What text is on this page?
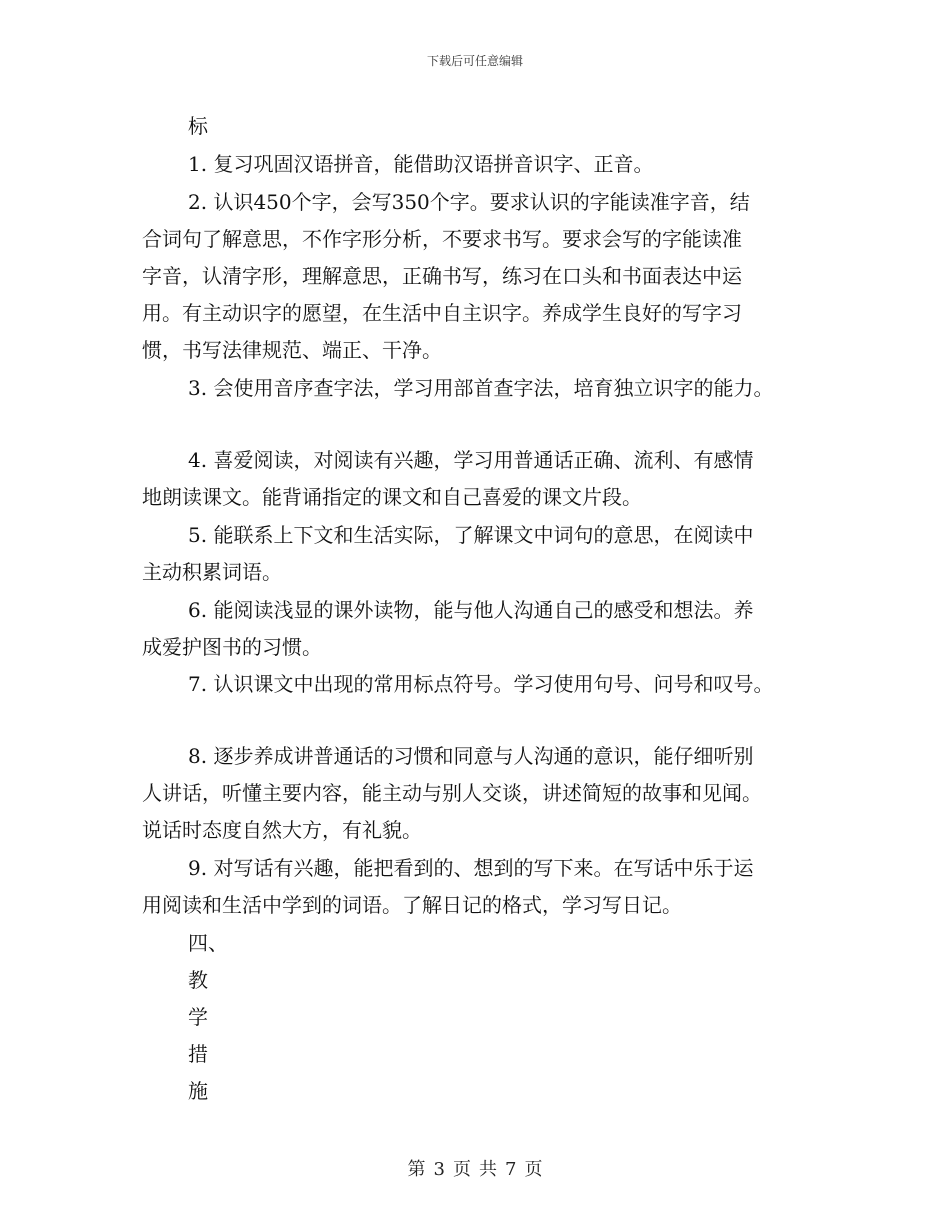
下载后可任意编辑
标
1. 复习巩固汉语拼音，能借助汉语拼音识字、正音。
2. 认识450个字，会写350个字。要求认识的字能读准字音，结
合词句了解意思，不作字形分析，不要求书写。要求会写的字能读准
字音，认清字形，理解意思，正确书写，练习在口头和书面表达中运
用。有主动识字的愿望，在生活中自主识字。养成学生良好的写字习
惯，书写法律规范、端正、干净。
3. 会使用音序查字法，学习用部首查字法，培育独立识字的能力。
4. 喜爱阅读，对阅读有兴趣，学习用普通话正确、流利、有感情
地朗读课文。能背诵指定的课文和自己喜爱的课文片段。
5. 能联系上下文和生活实际，了解课文中词句的意思，在阅读中
主动积累词语。
6. 能阅读浅显的课外读物，能与他人沟通自己的感受和想法。养
成爱护图书的习惯。
7. 认识课文中出现的常用标点符号。学习使用句号、问号和叹号。
8. 逐步养成讲普通话的习惯和同意与人沟通的意识，能仔细听别
人讲话，听懂主要内容，能主动与别人交谈，讲述简短的故事和见闻。
说话时态度自然大方，有礼貌。
9. 对写话有兴趣，能把看到的、想到的写下来。在写话中乐于运
用阅读和生活中学到的词语。了解日记的格式，学习写日记。
四、
教
学
措
施
第 3 页 共 7 页
